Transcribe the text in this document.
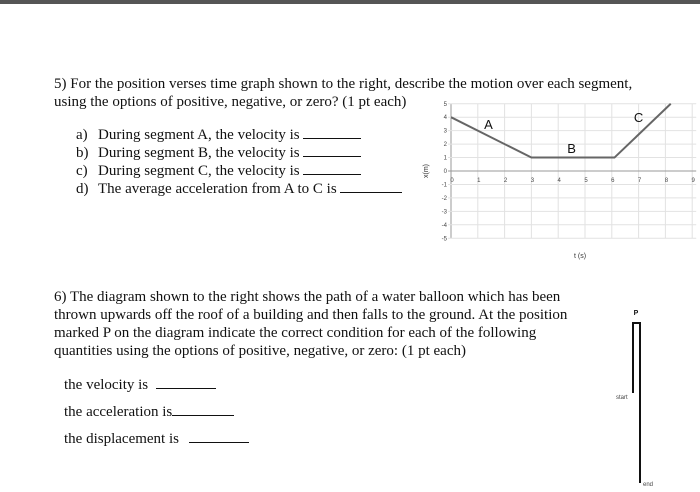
5) For the position verses time graph shown to the right, describe the motion over each segment,
using the options of positive, negative, or zero? (1 pt each)
a) During segment A, the velocity is
b) During segment B, the velocity is
c) During segment C, the velocity is
d) The average acceleration from A to C is	0	1	2	3	4	5	6	7	8	9
5
4
3
2
1
0
-1
-2
-3
-4
-5
A
B
C
t (s)
x(m)
P
start
end
6) The diagram shown to the right shows the path of a water balloon which has been
thrown upwards off the roof of a building and then falls to the ground. At the position
marked P on the diagram indicate the correct condition for each of the following
quantities using the options of positive, negative, or zero: (1 pt each)
the velocity is
the acceleration is
the displacement is
